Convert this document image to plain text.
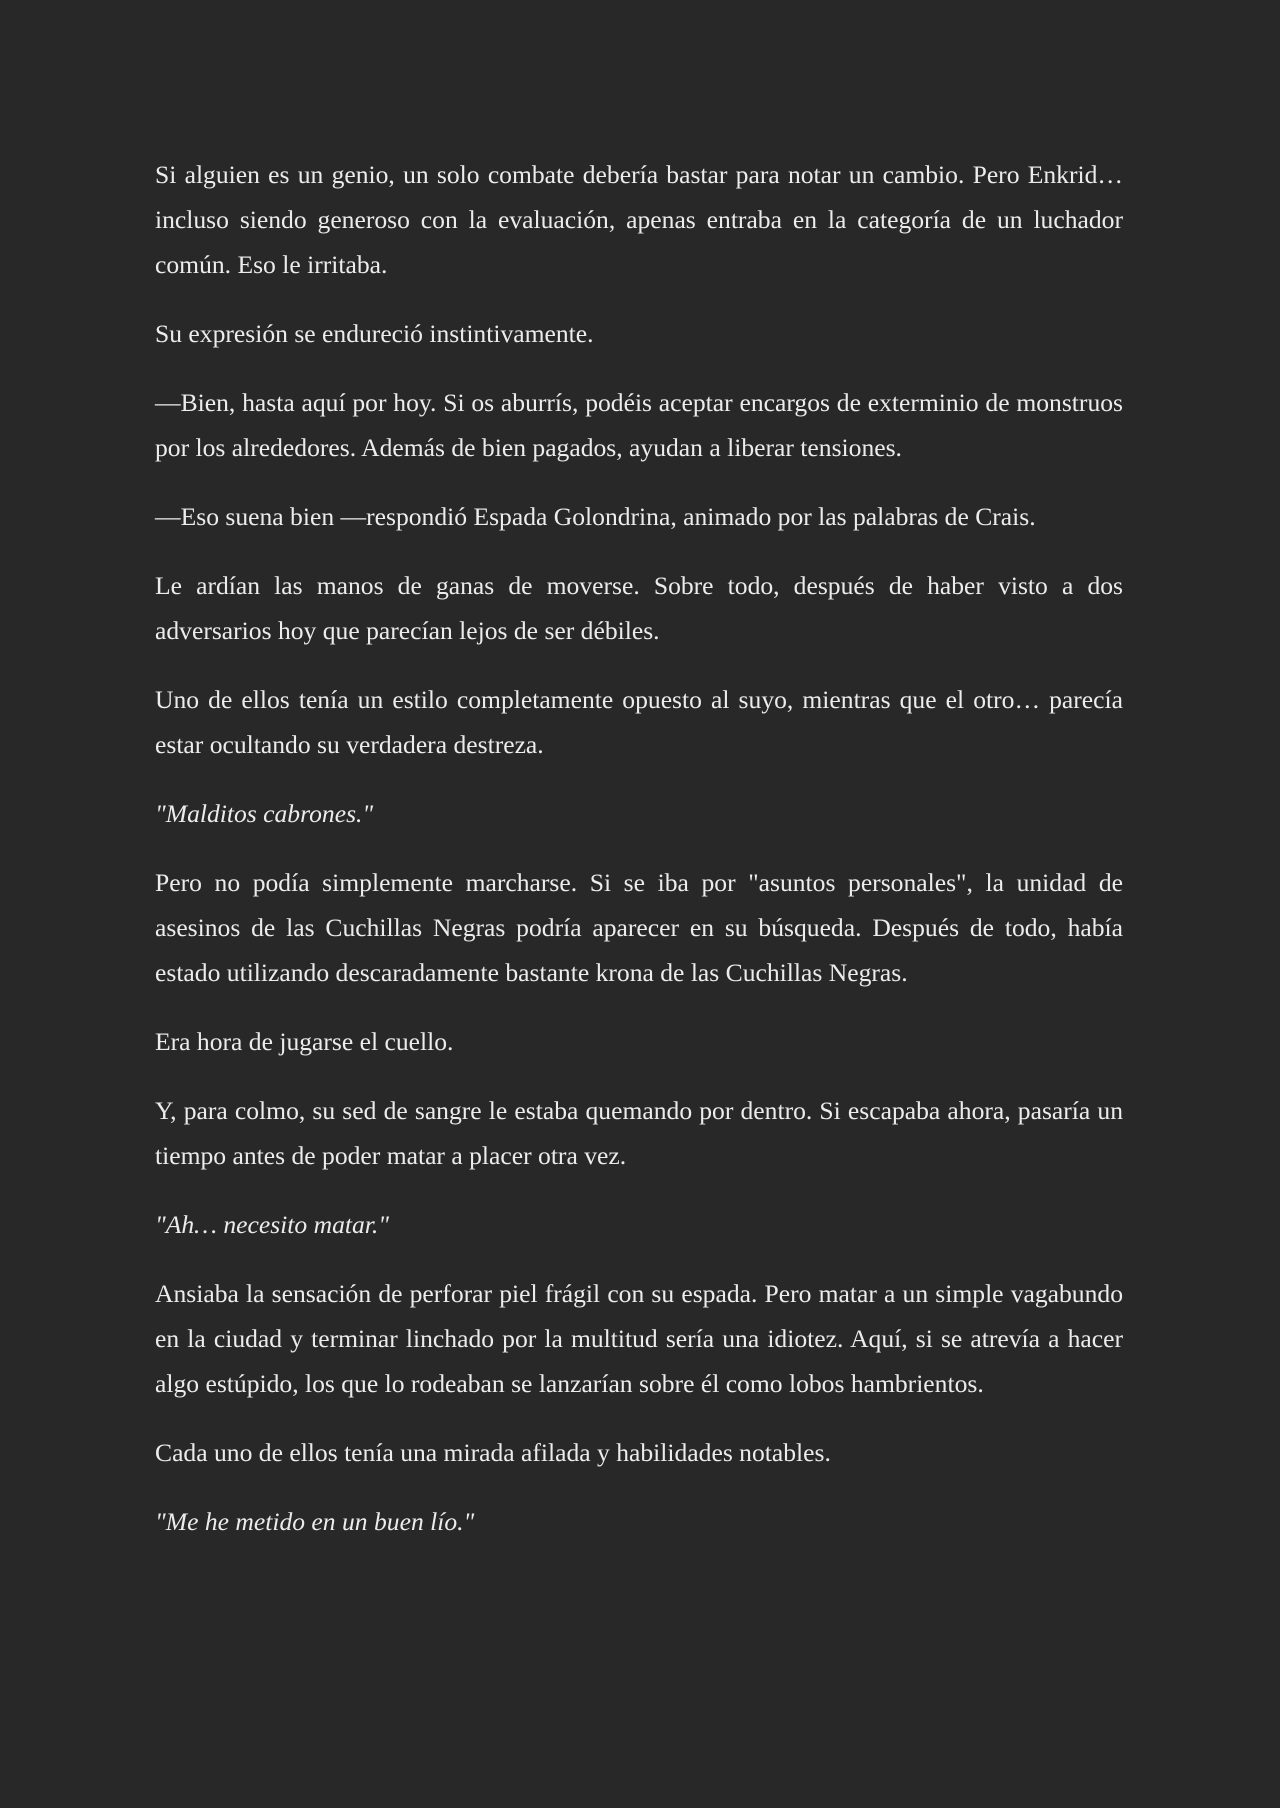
Si alguien es un genio, un solo combate debería bastar para notar un cambio. Pero Enkrid… incluso siendo generoso con la evaluación, apenas entraba en la categoría de un luchador común. Eso le irritaba.

Su expresión se endureció instintivamente.

—Bien, hasta aquí por hoy. Si os aburrís, podéis aceptar encargos de exterminio de monstruos por los alrededores. Además de bien pagados, ayudan a liberar tensiones.

—Eso suena bien —respondió Espada Golondrina, animado por las palabras de Crais.

Le ardían las manos de ganas de moverse. Sobre todo, después de haber visto a dos adversarios hoy que parecían lejos de ser débiles.

Uno de ellos tenía un estilo completamente opuesto al suyo, mientras que el otro… parecía estar ocultando su verdadera destreza.

"Malditos cabrones."

Pero no podía simplemente marcharse. Si se iba por "asuntos personales", la unidad de asesinos de las Cuchillas Negras podría aparecer en su búsqueda. Después de todo, había estado utilizando descaradamente bastante krona de las Cuchillas Negras.

Era hora de jugarse el cuello.

Y, para colmo, su sed de sangre le estaba quemando por dentro. Si escapaba ahora, pasaría un tiempo antes de poder matar a placer otra vez.

"Ah… necesito matar."

Ansiaba la sensación de perforar piel frágil con su espada. Pero matar a un simple vagabundo en la ciudad y terminar linchado por la multitud sería una idiotez. Aquí, si se atrevía a hacer algo estúpido, los que lo rodeaban se lanzarían sobre él como lobos hambrientos.

Cada uno de ellos tenía una mirada afilada y habilidades notables.

"Me he metido en un buen lío."
